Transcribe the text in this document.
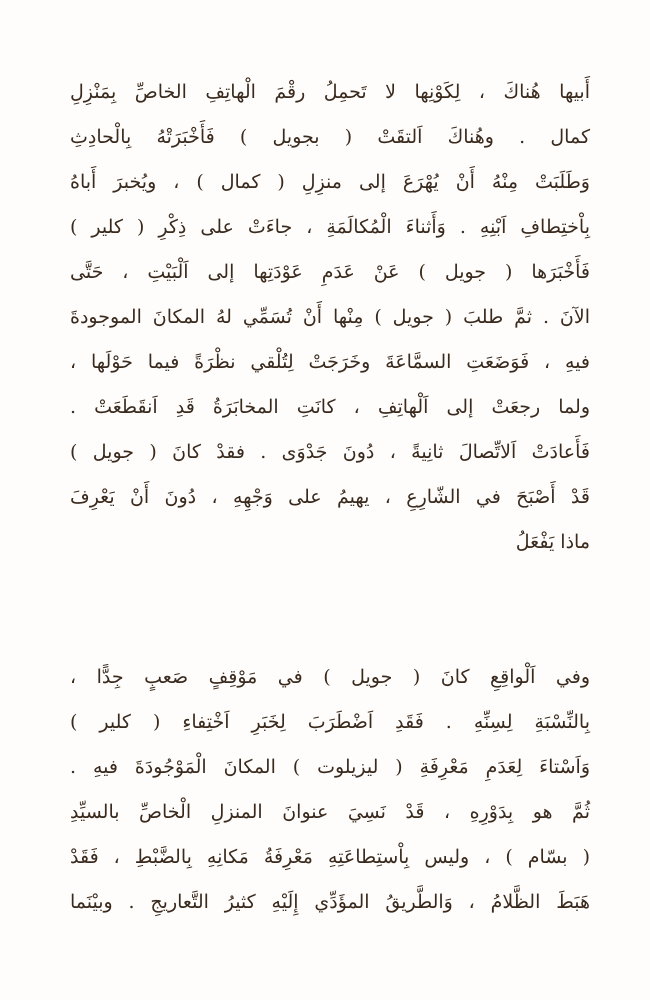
أَبيها هُناكَ ، لِكَوْنِها لا تَحمِلُ رقْمَ الْهاتِفِ الخاصِّ بِمَنْزِلِ
كمال . وهُناكَ اَلتقَتْ ( بجويل ) فَأَخْبَرَتْهُ بِالْحادِثِ
وَطَلَبَتْ مِنْهُ أَنْ يُهْرَعَ إلى منزِلِ ( كمال ) ، ويُخبرَ أَباهُ
بِاْختِطافِ اَبْنِهِ . وَأَثناءَ الْمُكالَمَةِ ، جاءَتْ على ذِكْرِ ( كلير )
فَأَخْبَرَها ( جويل ) عَنْ عَدَمِ عَوْدَتِها إلى اَلْبَيْتِ ، حَتَّى
الآنَ . ثمَّ طلبَ ( جويل ) مِنْها أَنْ تُسَمِّي لهُ المكانَ الموجودةَ
فيهِ ، فَوَضَعَتِ السمَّاعَةَ وخَرَجَتْ لِتُلْقي نظْرَةً فيما حَوْلَها ،
ولما رجعَتْ إلى اَلْهاتِفِ ، كانَتِ المخابَرَةُ قَدِ اَنقَطَعَتْ .
فَأَعادَتْ اَلاتِّصالَ ثانِيةً ، دُونَ جَدْوَى . فقدْ كانَ ( جويل )
قَدْ أَصْبَحَ في الشّارِعِ ، يهيمُ على وَجْهِهِ ، دُونَ أَنْ يَعْرِفَ
ماذا يَفْعَلُ
وفي اَلْواقِعِ كانَ ( جويل ) في مَوْقِفٍ صَعبٍ جِدًّا ،
بِالنِّسْبَةِ لِسِنِّهِ . فَقَدِ اَضْطَرَبَ لِخَبَرِ اَخْتِفاءِ ( كلير )
وَاَسْتاءَ لِعَدَمِ مَعْرِفَةِ ( ليزيلوت ) المكانَ الْمَوْجُودَةَ فيهِ .
ثُمَّ هو بِدَوْرِهِ ، قَدْ نَسِيَ عنوانَ المنزلِ الْخاصِّ بالسيِّدِ
( بسّام ) ، وليس بِاْستِطاعَتِهِ مَعْرِفَةُ مَكانِهِ بِالضَّبْطِ ، فَقَدْ
هَبَطَ الظَّلامُ ، وَالطَّريقُ المؤَدِّي إِلَيْهِ كثيرُ التَّعاريجِ . وبيْنَما
